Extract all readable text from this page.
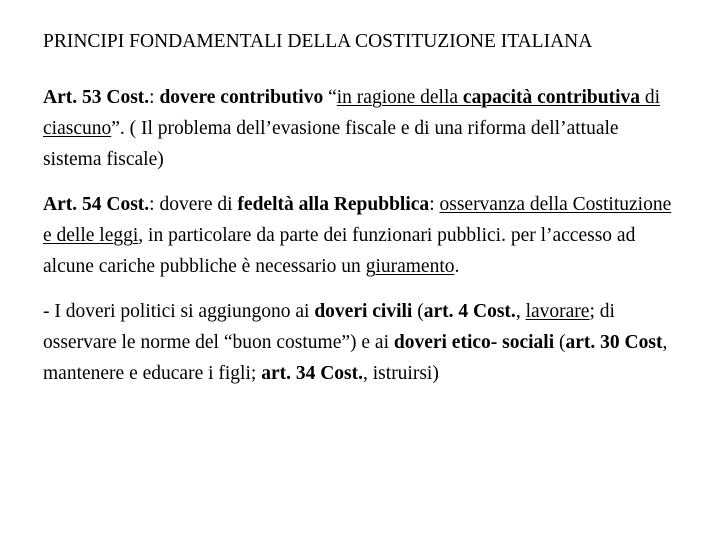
PRINCIPI FONDAMENTALI DELLA COSTITUZIONE ITALIANA

Art. 53 Cost.: dovere contributivo “in ragione della capacità contributiva di ciascuno”. ( Il problema dell’evasione fiscale e di una riforma dell’attuale sistema fiscale)

Art. 54 Cost.: dovere di fedeltà alla Repubblica: osservanza della Costituzione e delle leggi, in particolare da parte dei funzionari pubblici. per l’accesso ad alcune cariche pubbliche è necessario un giuramento.

- I doveri politici si aggiungono ai doveri civili (art. 4 Cost., lavorare; di osservare le norme del “buon costume”) e ai doveri etico- sociali (art. 30 Cost, mantenere e educare i figli; art. 34 Cost., istruirsi)
